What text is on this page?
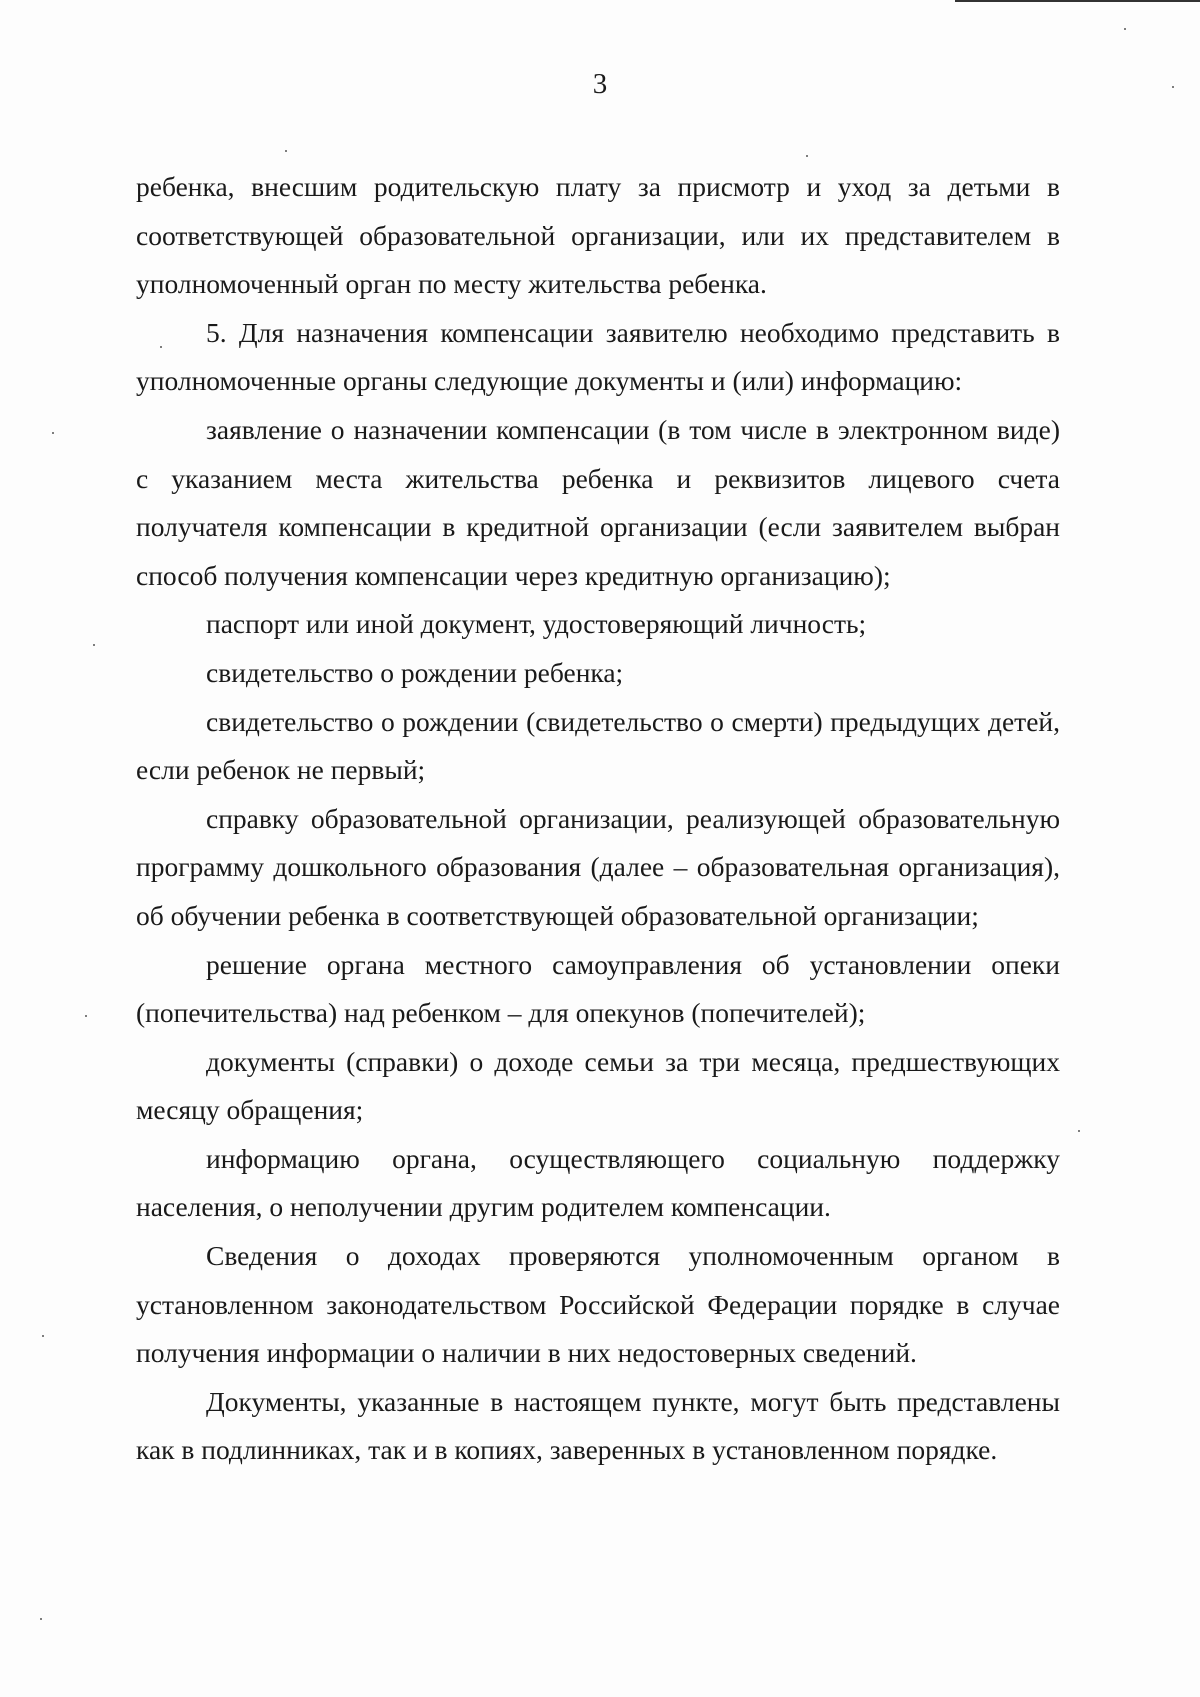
3

ребенка, внесшим родительскую плату за присмотр и уход за детьми в соответствующей образовательной организации, или их представителем в уполномоченный орган по месту жительства ребенка.

5. Для назначения компенсации заявителю необходимо представить в уполномоченные органы следующие документы и (или) информацию:

заявление о назначении компенсации (в том числе в электронном виде) с указанием места жительства ребенка и реквизитов лицевого счета получателя компенсации в кредитной организации (если заявителем выбран способ получения компенсации через кредитную организацию);

паспорт или иной документ, удостоверяющий личность;

свидетельство о рождении ребенка;

свидетельство о рождении (свидетельство о смерти) предыдущих детей, если ребенок не первый;

справку образовательной организации, реализующей образовательную программу дошкольного образования (далее – образовательная организация), об обучении ребенка в соответствующей образовательной организации;

решение органа местного самоуправления об установлении опеки (попечительства) над ребенком – для опекунов (попечителей);

документы (справки) о доходе семьи за три месяца, предшествующих месяцу обращения;

информацию органа, осуществляющего социальную поддержку населения, о неполучении другим родителем компенсации.

Сведения о доходах проверяются уполномоченным органом в установленном законодательством Российской Федерации порядке в случае получения информации о наличии в них недостоверных сведений.

Документы, указанные в настоящем пункте, могут быть представлены как в подлинниках, так и в копиях, заверенных в установленном порядке.
